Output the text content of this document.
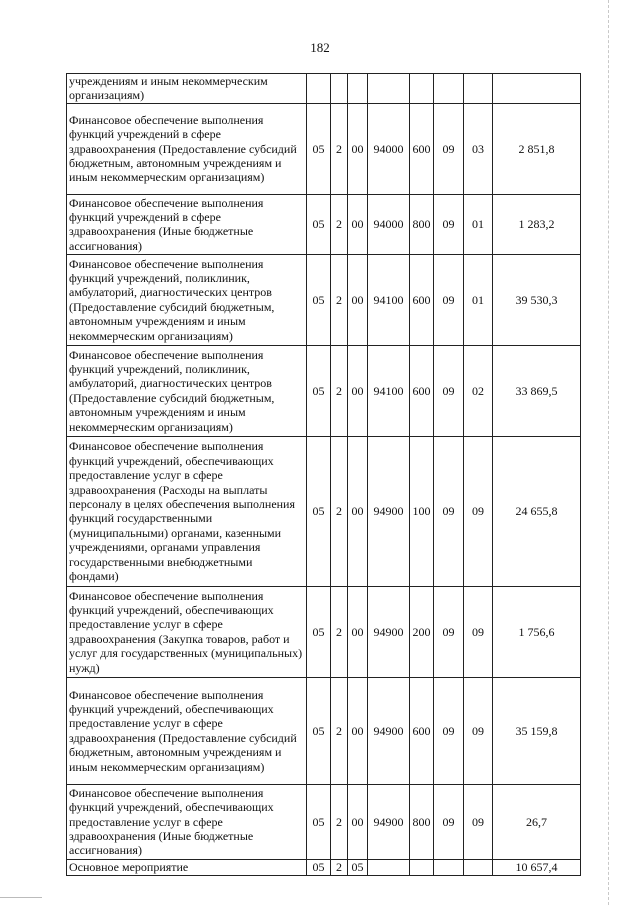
182
учреждениям и иным некоммерческим организациям)								
Финансовое обеспечение выполнения функций учреждений в сфере здравоохранения (Предоставление субсидий бюджетным, автономным учреждениям и иным некоммерческим организациям)	05	2	00	94000	600	09	03	2 851,8
Финансовое обеспечение выполнения функций учреждений в сфере здравоохранения (Иные бюджетные ассигнования)	05	2	00	94000	800	09	01	1 283,2
Финансовое обеспечение выполнения функций учреждений, поликлиник, амбулаторий, диагностических центров (Предоставление субсидий бюджетным, автономным учреждениям и иным некоммерческим организациям)	05	2	00	94100	600	09	01	39 530,3
Финансовое обеспечение выполнения функций учреждений, поликлиник, амбулаторий, диагностических центров (Предоставление субсидий бюджетным, автономным учреждениям и иным некоммерческим организациям)	05	2	00	94100	600	09	02	33 869,5
Финансовое обеспечение выполнения функций учреждений, обеспечивающих предоставление услуг в сфере здравоохранения (Расходы на выплаты персоналу в целях обеспечения выполнения функций государственными (муниципальными) органами, казенными учреждениями, органами управления государственными внебюджетными фондами)	05	2	00	94900	100	09	09	24 655,8
Финансовое обеспечение выполнения функций учреждений, обеспечивающих предоставление услуг в сфере здравоохранения (Закупка товаров, работ и услуг для государственных (муниципальных) нужд)	05	2	00	94900	200	09	09	1 756,6
Финансовое обеспечение выполнения функций учреждений, обеспечивающих предоставление услуг в сфере здравоохранения (Предоставление субсидий бюджетным, автономным учреждениям и иным некоммерческим организациям)	05	2	00	94900	600	09	09	35 159,8
Финансовое обеспечение выполнения функций учреждений, обеспечивающих предоставление услуг в сфере здравоохранения (Иные бюджетные ассигнования)	05	2	00	94900	800	09	09	26,7
Основное мероприятие	05	2	05					10 657,4
